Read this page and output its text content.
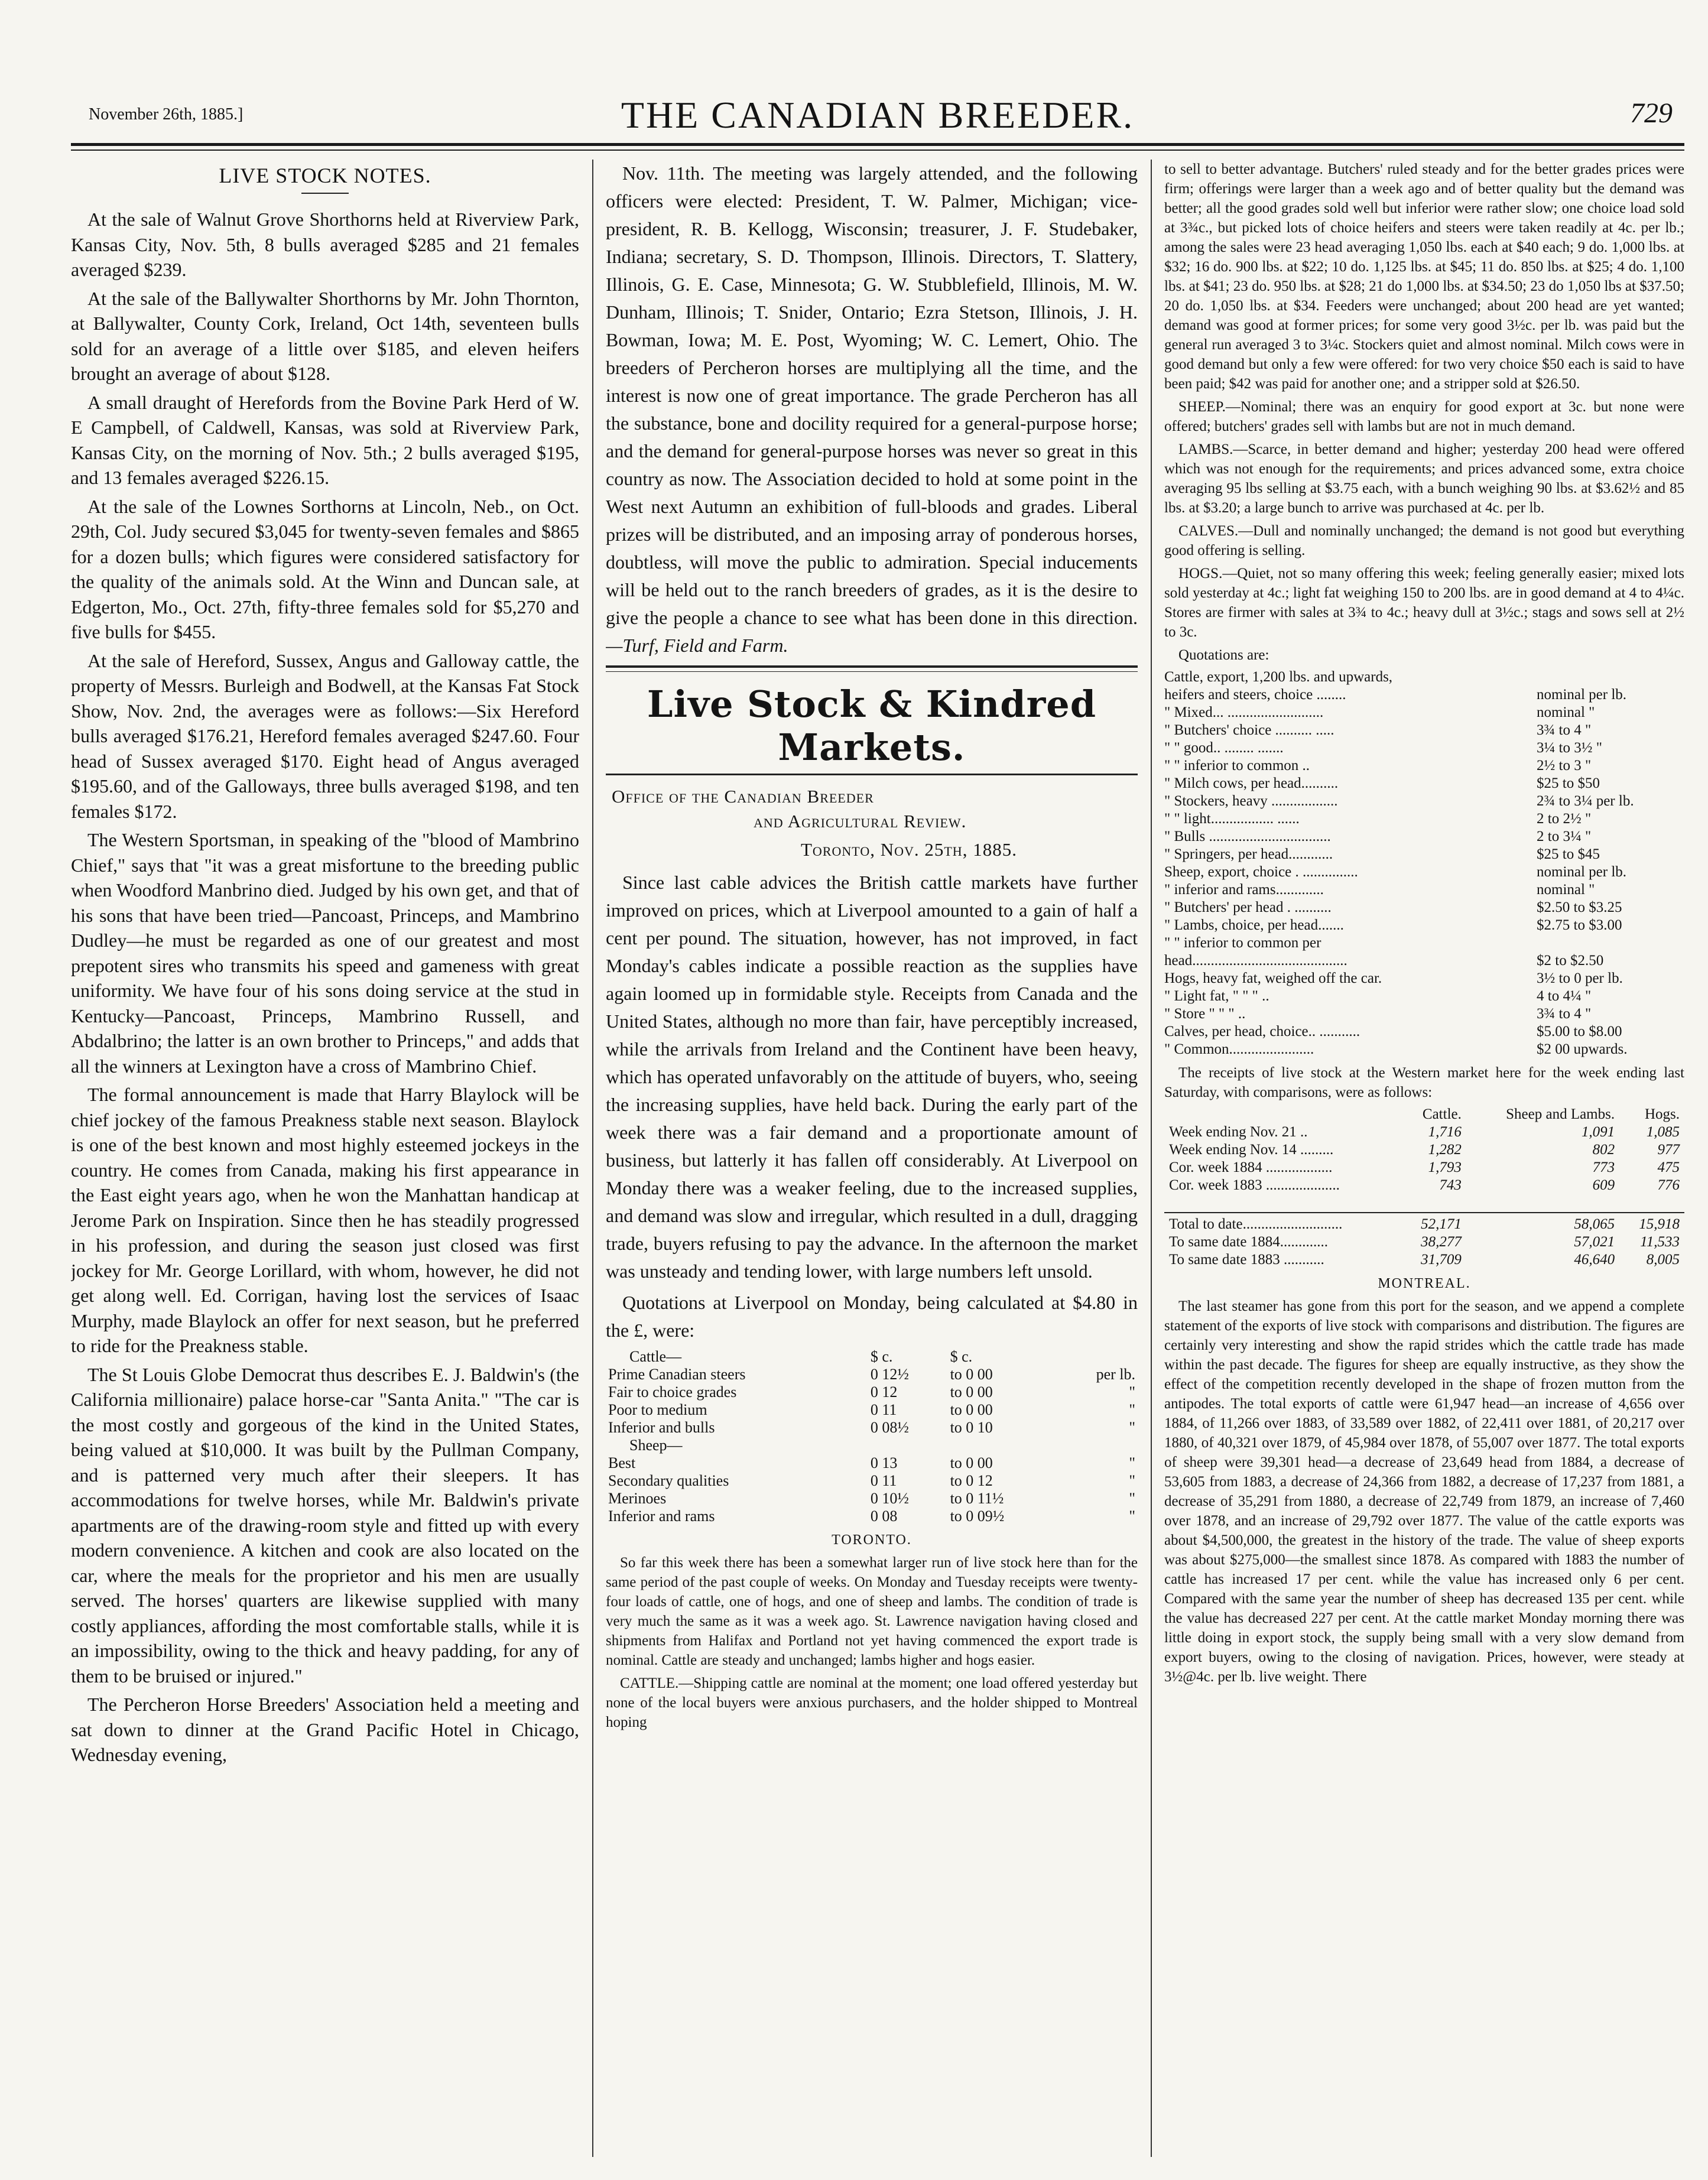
November 26th, 1885.]	THE CANADIAN BREEDER.	729
LIVE STOCK NOTES.

At the sale of Walnut Grove Shorthorns held at Riverview Park, Kansas City, Nov. 5th, 8 bulls averaged $285 and 21 females averaged $239.

At the sale of the Ballywalter Shorthorns by Mr. John Thornton, at Ballywalter, County Cork, Ireland, Oct 14th, seventeen bulls sold for an average of a little over $185, and eleven heifers brought an average of about $128.

A small draught of Herefords from the Bovine Park Herd of W. E Campbell, of Caldwell, Kansas, was sold at Riverview Park, Kansas City, on the morning of Nov. 5th.; 2 bulls averaged $195, and 13 females averaged $226.15.

At the sale of the Lownes Sorthorns at Lincoln, Neb., on Oct. 29th, Col. Judy secured $3,045 for twenty-seven females and $865 for a dozen bulls; which figures were considered satisfactory for the quality of the animals sold. At the Winn and Duncan sale, at Edgerton, Mo., Oct. 27th, fifty-three females sold for $5,270 and five bulls for $455.

At the sale of Hereford, Sussex, Angus and Galloway cattle, the property of Messrs. Burleigh and Bodwell, at the Kansas Fat Stock Show, Nov. 2nd, the averages were as follows:—Six Hereford bulls averaged $176.21, Hereford females averaged $247.60. Four head of Sussex averaged $170. Eight head of Angus averaged $195.60, and of the Galloways, three bulls averaged $198, and ten females $172.

The Western Sportsman, in speaking of the "blood of Mambrino Chief," says that "it was a great misfortune to the breeding public when Woodford Manbrino died. Judged by his own get, and that of his sons that have been tried—Pancoast, Princeps, and Mambrino Dudley—he must be regarded as one of our greatest and most prepotent sires who transmits his speed and gameness with great uniformity. We have four of his sons doing service at the stud in Kentucky—Pancoast, Princeps, Mambrino Russell, and Abdalbrino; the latter is an own brother to Princeps," and adds that all the winners at Lexington have a cross of Mambrino Chief.

The formal announcement is made that Harry Blaylock will be chief jockey of the famous Preakness stable next season. Blaylock is one of the best known and most highly esteemed jockeys in the country. He comes from Canada, making his first appearance in the East eight years ago, when he won the Manhattan handicap at Jerome Park on Inspiration. Since then he has steadily progressed in his profession, and during the season just closed was first jockey for Mr. George Lorillard, with whom, however, he did not get along well. Ed. Corrigan, having lost the services of Isaac Murphy, made Blaylock an offer for next season, but he preferred to ride for the Preakness stable.

The St Louis Globe Democrat thus describes E. J. Baldwin's (the California millionaire) palace horse-car "Santa Anita." "The car is the most costly and gorgeous of the kind in the United States, being valued at $10,000. It was built by the Pullman Company, and is patterned very much after their sleepers. It has accommodations for twelve horses, while Mr. Baldwin's private apartments are of the drawing-room style and fitted up with every modern convenience. A kitchen and cook are also located on the car, where the meals for the proprietor and his men are usually served. The horses' quarters are likewise supplied with many costly appliances, affording the most comfortable stalls, while it is an impossibility, owing to the thick and heavy padding, for any of them to be bruised or injured."

The Percheron Horse Breeders' Association held a meeting and sat down to dinner at the Grand Pacific Hotel in Chicago, Wednesday evening,

Nov. 11th. The meeting was largely attended, and the following officers were elected: President, T. W. Palmer, Michigan; vice-president, R. B. Kellogg, Wisconsin; treasurer, J. F. Studebaker, Indiana; secretary, S. D. Thompson, Illinois. Directors, T. Slattery, Illinois, G. E. Case, Minnesota; G. W. Stubblefield, Illinois, M. W. Dunham, Illinois; T. Snider, Ontario; Ezra Stetson, Illinois, J. H. Bowman, Iowa; M. E. Post, Wyoming; W. C. Lemert, Ohio. The breeders of Percheron horses are multiplying all the time, and the interest is now one of great importance. The grade Percheron has all the substance, bone and docility required for a general-purpose horse; and the demand for general-purpose horses was never so great in this country as now. The Association decided to hold at some point in the West next Autumn an exhibition of full-bloods and grades. Liberal prizes will be distributed, and an imposing array of ponderous horses, doubtless, will move the public to admiration. Special inducements will be held out to the ranch breeders of grades, as it is the desire to give the people a chance to see what has been done in this direction. —Turf, Field and Farm.

Live Stock & Kindred Markets.
Office of the Canadian Breeder
and Agricultural Review.
Toronto, Nov. 25th, 1885.

Since last cable advices the British cattle markets have further improved on prices, which at Liverpool amounted to a gain of half a cent per pound. The situation, however, has not improved, in fact Monday's cables indicate a possible reaction as the supplies have again loomed up in formidable style. Receipts from Canada and the United States, although no more than fair, have perceptibly increased, while the arrivals from Ireland and the Continent have been heavy, which has operated unfavorably on the attitude of buyers, who, seeing the increasing supplies, have held back. During the early part of the week there was a fair demand and a proportionate amount of business, but latterly it has fallen off considerably. At Liverpool on Monday there was a weaker feeling, due to the increased supplies, and demand was slow and irregular, which resulted in a dull, dragging trade, buyers refusing to pay the advance. In the afternoon the market was unsteady and tending lower, with large numbers left unsold.

Quotations at Liverpool on Monday, being calculated at $4.80 in the £, were:

Cattle—	$ c.	$ c.	
Prime Canadian steers	0 12½	to 0 00	per lb.
Fair to choice grades	0 12	to 0 00	"
Poor to medium	0 11	to 0 00	"
Inferior and bulls	0 08½	to 0 10	"
Sheep—			
Best	0 13	to 0 00	"
Secondary qualities	0 11	to 0 12	"
Merinoes	0 10½	to 0 11½	"
Inferior and rams	0 08	to 0 09½	"
TORONTO.

So far this week there has been a somewhat larger run of live stock here than for the same period of the past couple of weeks. On Monday and Tuesday receipts were twenty-four loads of cattle, one of hogs, and one of sheep and lambs. The condition of trade is very much the same as it was a week ago. St. Lawrence navigation having closed and shipments from Halifax and Portland not yet having commenced the export trade is nominal. Cattle are steady and unchanged; lambs higher and hogs easier.

CATTLE.—Shipping cattle are nominal at the moment; one load offered yesterday but none of the local buyers were anxious purchasers, and the holder shipped to Montreal hoping

to sell to better advantage. Butchers' ruled steady and for the better grades prices were firm; offerings were larger than a week ago and of better quality but the demand was better; all the good grades sold well but inferior were rather slow; one choice load sold at 3¾c., but picked lots of choice heifers and steers were taken readily at 4c. per lb.; among the sales were 23 head averaging 1,050 lbs. each at $40 each; 9 do. 1,000 lbs. at $32; 16 do. 900 lbs. at $22; 10 do. 1,125 lbs. at $45; 11 do. 850 lbs. at $25; 4 do. 1,100 lbs. at $41; 23 do. 950 lbs. at $28; 21 do 1,000 lbs. at $34.50; 23 do 1,050 lbs at $37.50; 20 do. 1,050 lbs. at $34. Feeders were unchanged; about 200 head are yet wanted; demand was good at former prices; for some very good 3½c. per lb. was paid but the general run averaged 3 to 3¼c. Stockers quiet and almost nominal. Milch cows were in good demand but only a few were offered: for two very choice $50 each is said to have been paid; $42 was paid for another one; and a stripper sold at $26.50.

SHEEP.—Nominal; there was an enquiry for good export at 3c. but none were offered; butchers' grades sell with lambs but are not in much demand.

LAMBS.—Scarce, in better demand and higher; yesterday 200 head were offered which was not enough for the requirements; and prices advanced some, extra choice averaging 95 lbs selling at $3.75 each, with a bunch weighing 90 lbs. at $3.62½ and 85 lbs. at $3.20; a large bunch to arrive was purchased at 4c. per lb.

CALVES.—Dull and nominally unchanged; the demand is not good but everything good offering is selling.

HOGS.—Quiet, not so many offering this week; feeling generally easier; mixed lots sold yesterday at 4c.; light fat weighing 150 to 200 lbs. are in good demand at 4 to 4¼c. Stores are firmer with sales at 3¾ to 4c.; heavy dull at 3½c.; stags and sows sell at 2½ to 3c.

Quotations are:

Cattle, export, 1,200 lbs. and upwards,
heifers and steers, choice ........	nominal per lb.
" Mixed... ..........................	nominal "
" Butchers' choice .......... .....	3¾ to 4 "
" " good.. ........ .......	3¼ to 3½ "
" " inferior to common ..	2½ to 3 "
" Milch cows, per head..........	$25 to $50
" Stockers, heavy ..................	2¾ to 3¼ per lb.
" " light................. ......	2 to 2½ "
" Bulls .................................	2 to 3¼ "
" Springers, per head............	$25 to $45
Sheep, export, choice . ...............	nominal per lb.
" inferior and rams.............	nominal "
" Butchers' per head . ..........	$2.50 to $3.25
" Lambs, choice, per head.......	$2.75 to $3.00
" " inferior to common per
head..........................................	$2 to $2.50
Hogs, heavy fat, weighed off the car.	3½ to 0 per lb.
" Light fat, " " " ..	4 to 4¼ "
" Store " " " ..	3¾ to 4 "
Calves, per head, choice.. ...........	$5.00 to $8.00
" Common.......................	$2 00 upwards.

The receipts of live stock at the Western market here for the week ending last Saturday, with comparisons, were as follows:

	Cattle.	Sheep and Lambs.	Hogs.
Week ending Nov. 21 ..	1,716	1,091	1,085
Week ending Nov. 14 .........	1,282	802	977
Cor. week 1884 ..................	1,793	773	475
Cor. week 1883 ....................	743	609	776

Total to date...........................	52,171	58,065	15,918
To same date 1884.............	38,277	57,021	11,533
To same date 1883 ...........	31,709	46,640	8,005
MONTREAL.

The last steamer has gone from this port for the season, and we append a complete statement of the exports of live stock with comparisons and distribution. The figures are certainly very interesting and show the rapid strides which the cattle trade has made within the past decade. The figures for sheep are equally instructive, as they show the effect of the competition recently developed in the shape of frozen mutton from the antipodes. The total exports of cattle were 61,947 head—an increase of 4,656 over 1884, of 11,266 over 1883, of 33,589 over 1882, of 22,411 over 1881, of 20,217 over 1880, of 40,321 over 1879, of 45,984 over 1878, of 55,007 over 1877. The total exports of sheep were 39,301 head—a decrease of 23,649 head from 1884, a decrease of 53,605 from 1883, a decrease of 24,366 from 1882, a decrease of 17,237 from 1881, a decrease of 35,291 from 1880, a decrease of 22,749 from 1879, an increase of 7,460 over 1878, and an increase of 29,792 over 1877. The value of the cattle exports was about $4,500,000, the greatest in the history of the trade. The value of sheep exports was about $275,000—the smallest since 1878. As compared with 1883 the number of cattle has increased 17 per cent. while the value has increased only 6 per cent. Compared with the same year the number of sheep has decreased 135 per cent. while the value has decreased 227 per cent. At the cattle market Monday morning there was little doing in export stock, the supply being small with a very slow demand from export buyers, owing to the closing of navigation. Prices, however, were steady at 3½@4c. per lb. live weight. There
